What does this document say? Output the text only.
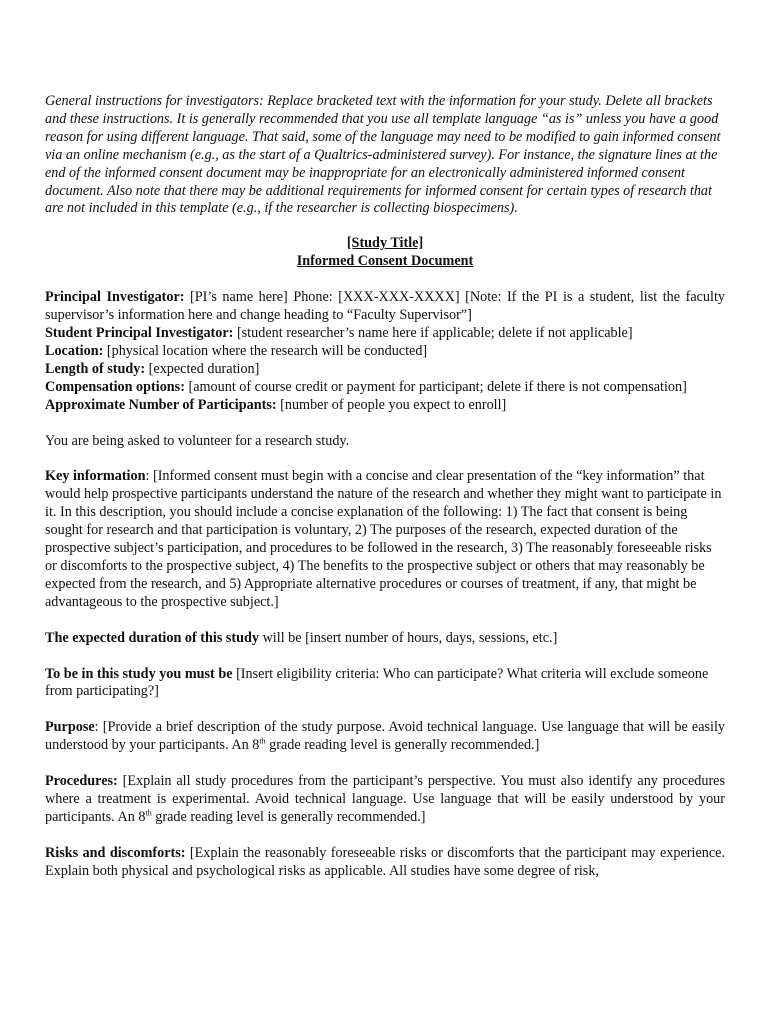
General instructions for investigators: Replace bracketed text with the information for your study. Delete all brackets and these instructions. It is generally recommended that you use all template language “as is” unless you have a good reason for using different language. That said, some of the language may need to be modified to gain informed consent via an online mechanism (e.g., as the start of a Qualtrics-administered survey). For instance, the signature lines at the end of the informed consent document may be inappropriate for an electronically administered informed consent document. Also note that there may be additional requirements for informed consent for certain types of research that are not included in this template (e.g., if the researcher is collecting biospecimens).

[Study Title]
Informed Consent Document

Principal Investigator: [PI’s name here] Phone: [XXX-XXX-XXXX] [Note: If the PI is a student, list the faculty supervisor’s information here and change heading to “Faculty Supervisor”]

Student Principal Investigator: [student researcher’s name here if applicable; delete if not applicable]

Location: [physical location where the research will be conducted]

Length of study: [expected duration]

Compensation options: [amount of course credit or payment for participant; delete if there is not compensation]

Approximate Number of Participants: [number of people you expect to enroll]

You are being asked to volunteer for a research study.

Key information: [Informed consent must begin with a concise and clear presentation of the “key information” that would help prospective participants understand the nature of the research and whether they might want to participate in it. In this description, you should include a concise explanation of the following: 1) The fact that consent is being sought for research and that participation is voluntary, 2) The purposes of the research, expected duration of the prospective subject’s participation, and procedures to be followed in the research, 3) The reasonably foreseeable risks or discomforts to the prospective subject, 4) The benefits to the prospective subject or others that may reasonably be expected from the research, and 5) Appropriate alternative procedures or courses of treatment, if any, that might be advantageous to the prospective subject.]

The expected duration of this study will be [insert number of hours, days, sessions, etc.]

To be in this study you must be [Insert eligibility criteria: Who can participate? What criteria will exclude someone from participating?]

Purpose: [Provide a brief description of the study purpose. Avoid technical language. Use language that will be easily understood by your participants. An 8th grade reading level is generally recommended.]

Procedures: [Explain all study procedures from the participant’s perspective. You must also identify any procedures where a treatment is experimental. Avoid technical language. Use language that will be easily understood by your participants. An 8th grade reading level is generally recommended.]

Risks and discomforts: [Explain the reasonably foreseeable risks or discomforts that the participant may experience. Explain both physical and psychological risks as applicable. All studies have some degree of risk,
